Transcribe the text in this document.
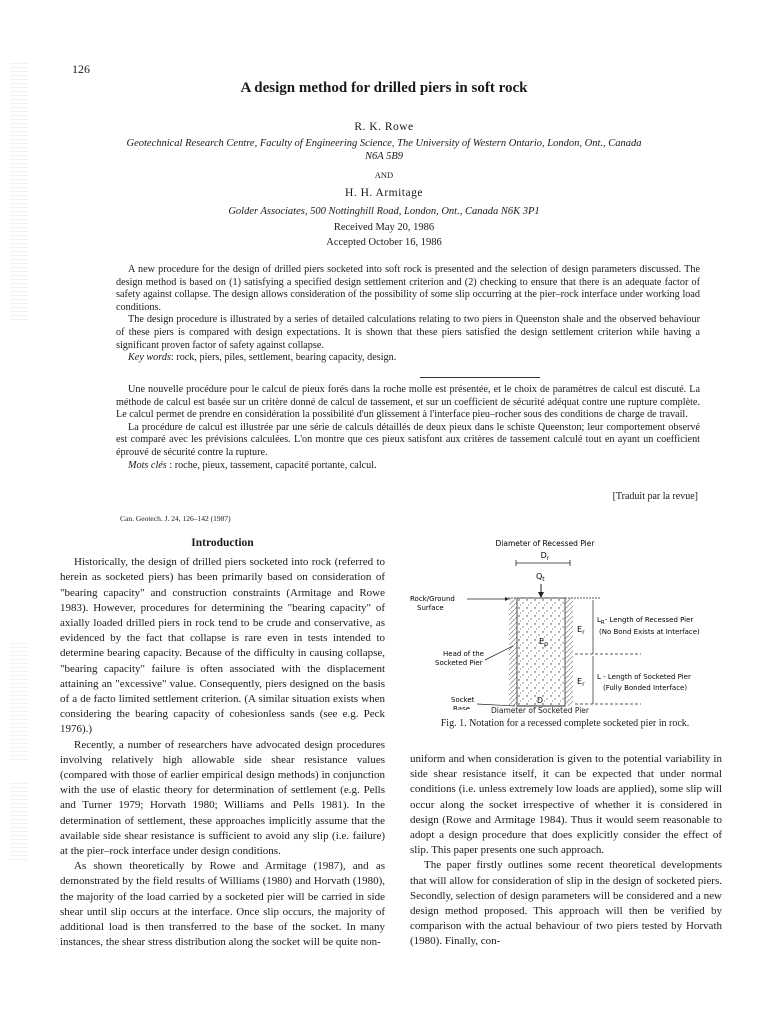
126
A design method for drilled piers in soft rock
R. K. Rowe
Geotechnical Research Centre, Faculty of Engineering Science, The University of Western Ontario, London, Ont., Canada N6A 5B9
AND
H. H. Armitage
Golder Associates, 500 Nottinghill Road, London, Ont., Canada N6K 3P1
Received May 20, 1986
Accepted October 16, 1986

A new procedure for the design of drilled piers socketed into soft rock is presented and the selection of design parameters discussed. The design method is based on (1) satisfying a specified design settlement criterion and (2) checking to ensure that there is an adequate factor of safety against collapse. The design allows consideration of the possibility of some slip occurring at the pier–rock interface under working load conditions.

The design procedure is illustrated by a series of detailed calculations relating to two piers in Queenston shale and the observed behaviour of these piers is compared with design expectations. It is shown that these piers satisfied the design settlement criterion while having a significant proven factor of safety against collapse.

Key words: rock, piers, piles, settlement, bearing capacity, design.

Une nouvelle procédure pour le calcul de pieux forés dans la roche molle est présentée, et le choix de paramètres de calcul est discuté. La méthode de calcul est basée sur un critère donné de calcul de tassement, et sur un coefficient de sécurité adéquat contre une rupture complète. Le calcul permet de prendre en considération la possibilité d'un glissement à l'interface pieu–rocher sous des conditions de charge de travail.

La procédure de calcul est illustrée par une série de calculs détaillés de deux pieux dans le schiste Queenston; leur comportement observé est comparé avec les prévisions calculées. L'on montre que ces pieux satisfont aux critères de tassement calculé tout en ayant un coefficient éprouvé de sécurité contre la rupture.

Mots clés : roche, pieux, tassement, capacité portante, calcul.

[Traduit par la revue]
Can. Geotech. J. 24, 126–142 (1987)
Introduction

Historically, the design of drilled piers socketed into rock (referred to herein as socketed piers) has been primarily based on consideration of "bearing capacity" and construction constraints (Armitage and Rowe 1983). However, procedures for determining the "bearing capacity" of axially loaded drilled piers in rock tend to be crude and conservative, as evidenced by the fact that collapse is rare even in tests intended to determine bearing capacity. Because of the difficulty in causing collapse, "bearing capacity" failure is often associated with the displacement attaining an "excessive" value. Consequently, piers designed on the basis of a de facto limited settlement criterion. (A similar situation exists when considering the bearing capacity of cohesionless sands (see e.g. Peck 1976).)

Recently, a number of researchers have advocated design procedures involving relatively high allowable side shear resistance values (compared with those of earlier empirical design methods) in conjunction with the use of elastic theory for determination of settlement (e.g. Pells and Turner 1979; Horvath 1980; Williams and Pells 1981). In the determination of settlement, these approaches implicitly assume that the available side shear resistance is sufficient to avoid any slip (i.e. failure) at the pier–rock interface under design conditions.

As shown theoretically by Rowe and Armitage (1987), and as demonstrated by the field results of Williams (1980) and Horvath (1980), the majority of the load carried by a socketed pier will be carried in side shear until slip occurs at the interface. Once slip occurs, the majority of additional load is then transferred to the base of the socket. In many instances, the shear stress distribution along the socket will be quite non-

Diameter of Recessed Pier
$D_r$
$Q_t$
Rock/Ground Surface
Head of the Socketed Pier
Socket Base
$E_r$
$E_p$
$L_R-$ Length of Recessed Pier
(No Bond Exists at Interface)
$E_r$
L - Length of Socketed Pier
(Fully Bonded Interface)
D
Diameter of Socketed Pier
Fig. 1. Notation for a recessed complete socketed pier in rock.

uniform and when consideration is given to the potential variability in side shear resistance itself, it can be expected that under normal conditions (i.e. unless extremely low loads are applied), some slip will occur along the socket irrespective of whether it is considered in design (Rowe and Armitage 1984). Thus it would seem reasonable to adopt a design procedure that does explicitly consider the effect of slip. This paper presents one such approach.

The paper firstly outlines some recent theoretical developments that will allow for consideration of slip in the design of socketed piers. Secondly, selection of design parameters will be considered and a new design method proposed. This approach will then be verified by comparison with the actual behaviour of two piers tested by Horvath (1980). Finally, con-
